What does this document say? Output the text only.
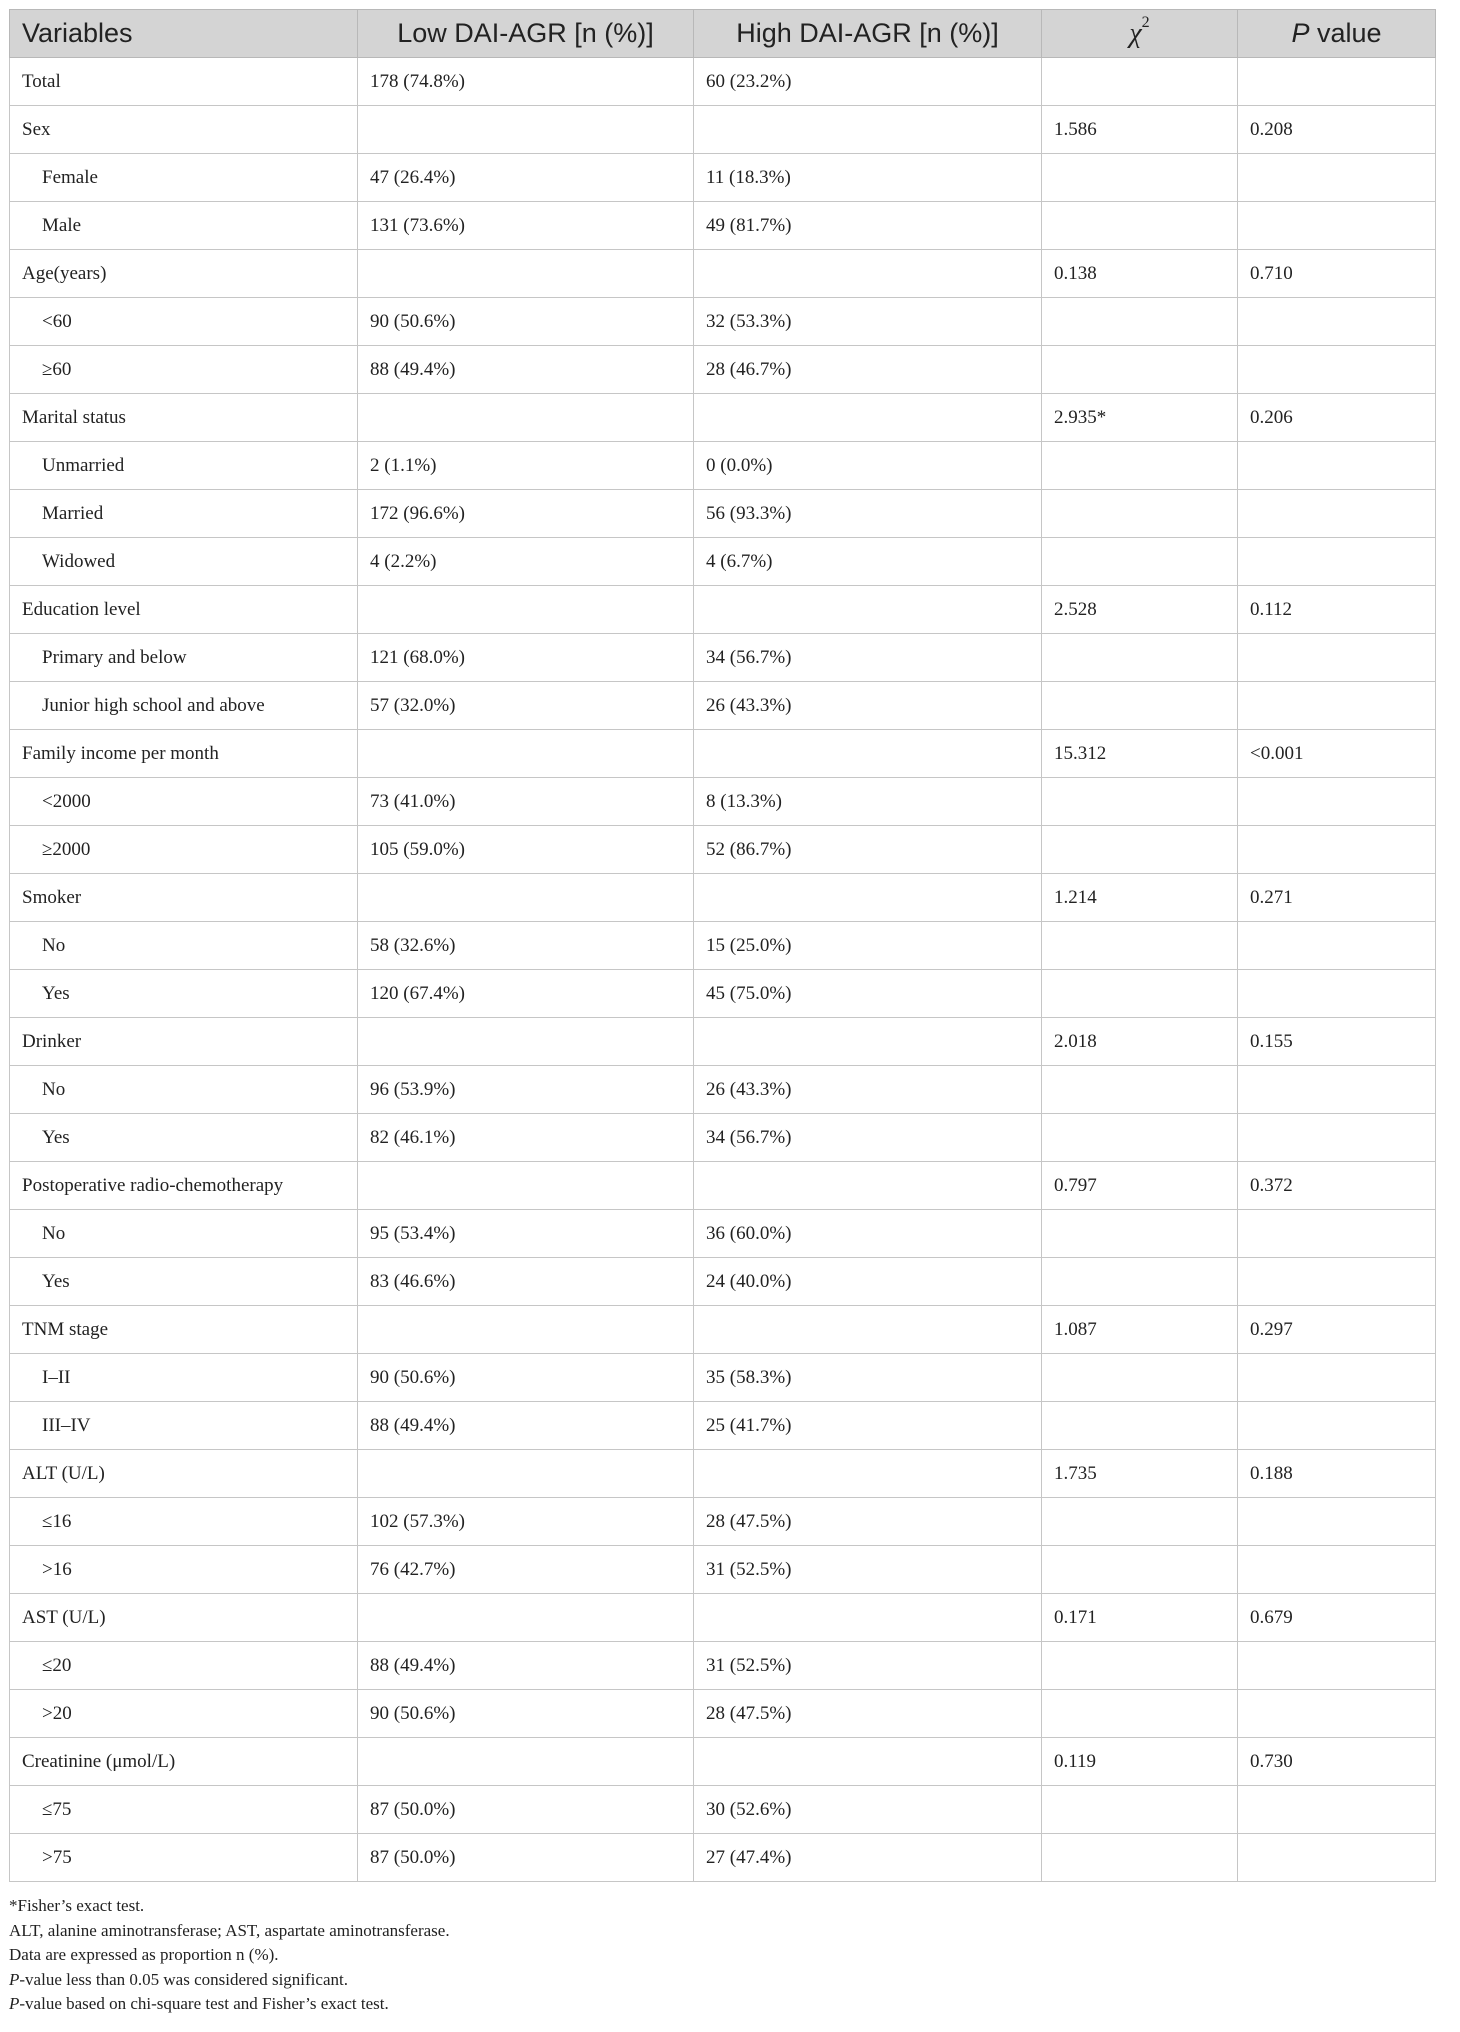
Variables	Low DAI-AGR [n (%)]	High DAI-AGR [n (%)]	$\chi^2$	P value
Total	178 (74.8%)	60 (23.2%)		
Sex			1.586	0.208
Female	47 (26.4%)	11 (18.3%)		
Male	131 (73.6%)	49 (81.7%)		
Age(years)			0.138	0.710
<60	90 (50.6%)	32 (53.3%)		
≥60	88 (49.4%)	28 (46.7%)		
Marital status			2.935*	0.206
Unmarried	2 (1.1%)	0 (0.0%)		
Married	172 (96.6%)	56 (93.3%)		
Widowed	4 (2.2%)	4 (6.7%)		
Education level			2.528	0.112
Primary and below	121 (68.0%)	34 (56.7%)		
Junior high school and above	57 (32.0%)	26 (43.3%)		
Family income per month			15.312	<0.001
<2000	73 (41.0%)	8 (13.3%)		
≥2000	105 (59.0%)	52 (86.7%)		
Smoker			1.214	0.271
No	58 (32.6%)	15 (25.0%)		
Yes	120 (67.4%)	45 (75.0%)		
Drinker			2.018	0.155
No	96 (53.9%)	26 (43.3%)		
Yes	82 (46.1%)	34 (56.7%)		
Postoperative radio-chemotherapy			0.797	0.372
No	95 (53.4%)	36 (60.0%)		
Yes	83 (46.6%)	24 (40.0%)		
TNM stage			1.087	0.297
I–II	90 (50.6%)	35 (58.3%)		
III–IV	88 (49.4%)	25 (41.7%)		
ALT (U/L)			1.735	0.188
≤16	102 (57.3%)	28 (47.5%)		
>16	76 (42.7%)	31 (52.5%)		
AST (U/L)			0.171	0.679
≤20	88 (49.4%)	31 (52.5%)		
>20	90 (50.6%)	28 (47.5%)		
Creatinine (μmol/L)			0.119	0.730
≤75	87 (50.0%)	30 (52.6%)		
>75	87 (50.0%)	27 (47.4%)		
*Fisher’s exact test.
ALT, alanine aminotransferase; AST, aspartate aminotransferase.
Data are expressed as proportion n (%).
P-value less than 0.05 was considered significant.
P-value based on chi-square test and Fisher’s exact test.
